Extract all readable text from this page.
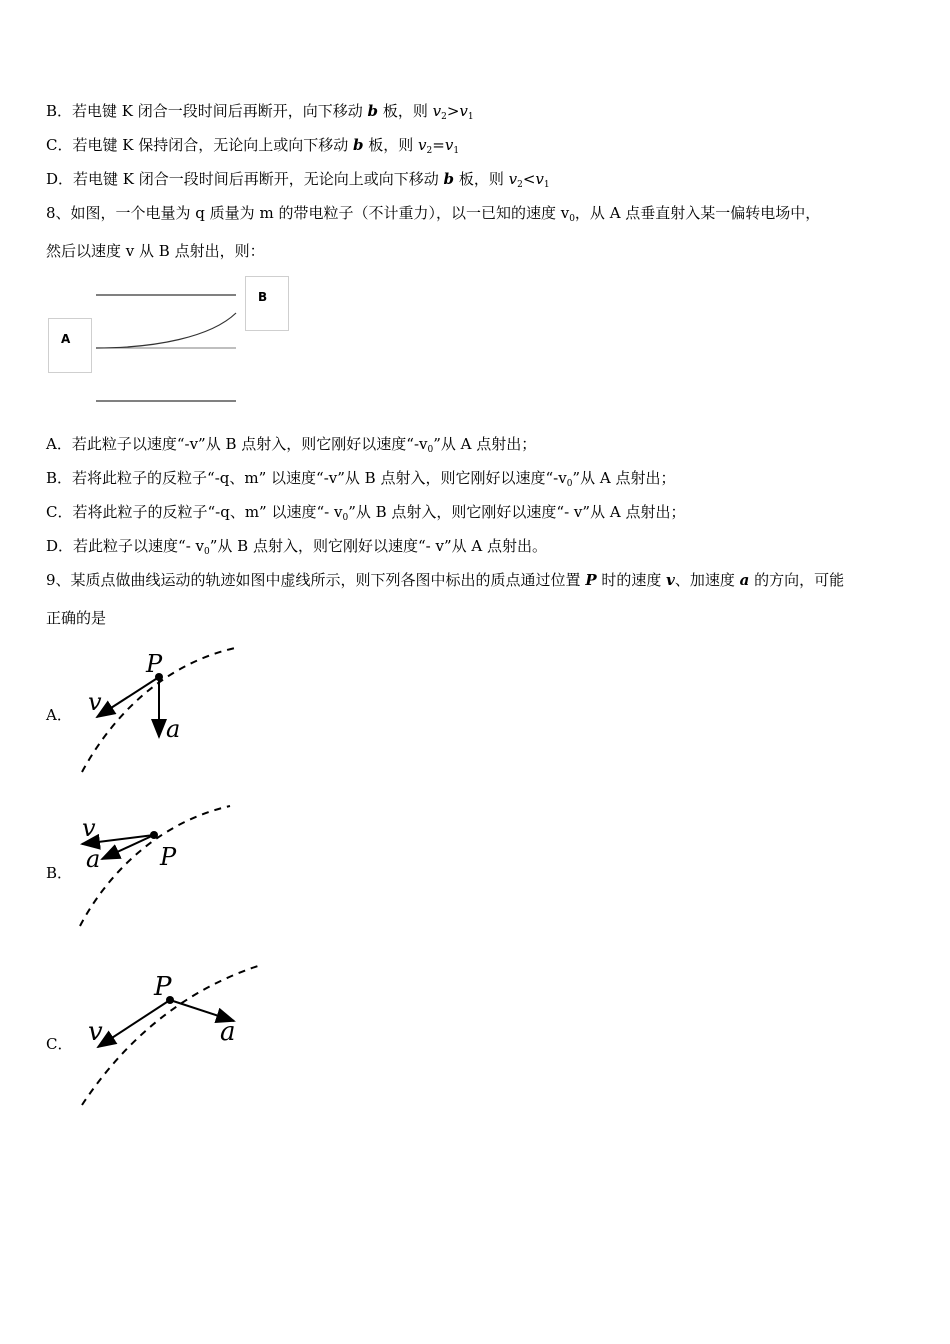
B．若电键 K 闭合一段时间后再断开，向下移动 b 板，则 $v_2>v_1$
C．若电键 K 保持闭合，无论向上或向下移动 b 板，则 $v_2=v_1$
D．若电键 K 闭合一段时间后再断开，无论向上或向下移动 b 板，则 $v_2<v_1$
8、如图，一个电量为 q 质量为 m 的带电粒子（不计重力），以一已知的速度 $v_0$，从 A 点垂直射入某一偏转电场中，
然后以速度 v 从 B 点射出，则：
A
B
A．若此粒子以速度“-v”从 B 点射入，则它刚好以速度“$-v_0$”从 A 点射出；
B．若将此粒子的反粒子“-q、m” 以速度“-v”从 B 点射入，则它刚好以速度“$-v_0$”从 A 点射出；
C．若将此粒子的反粒子“-q、m” 以速度“- $v_0$”从 B 点射入，则它刚好以速度“- v”从 A 点射出；
D．若此粒子以速度“- $v_0$”从 B 点射入，则它刚好以速度“- v”从 A 点射出。
9、某质点做曲线运动的轨迹如图中虚线所示，则下列各图中标出的质点通过位置 P 时的速度 v、加速度 a 的方向，可能
正确的是
A．
P
v
a
B．
v
a P
C．
P
v	a
